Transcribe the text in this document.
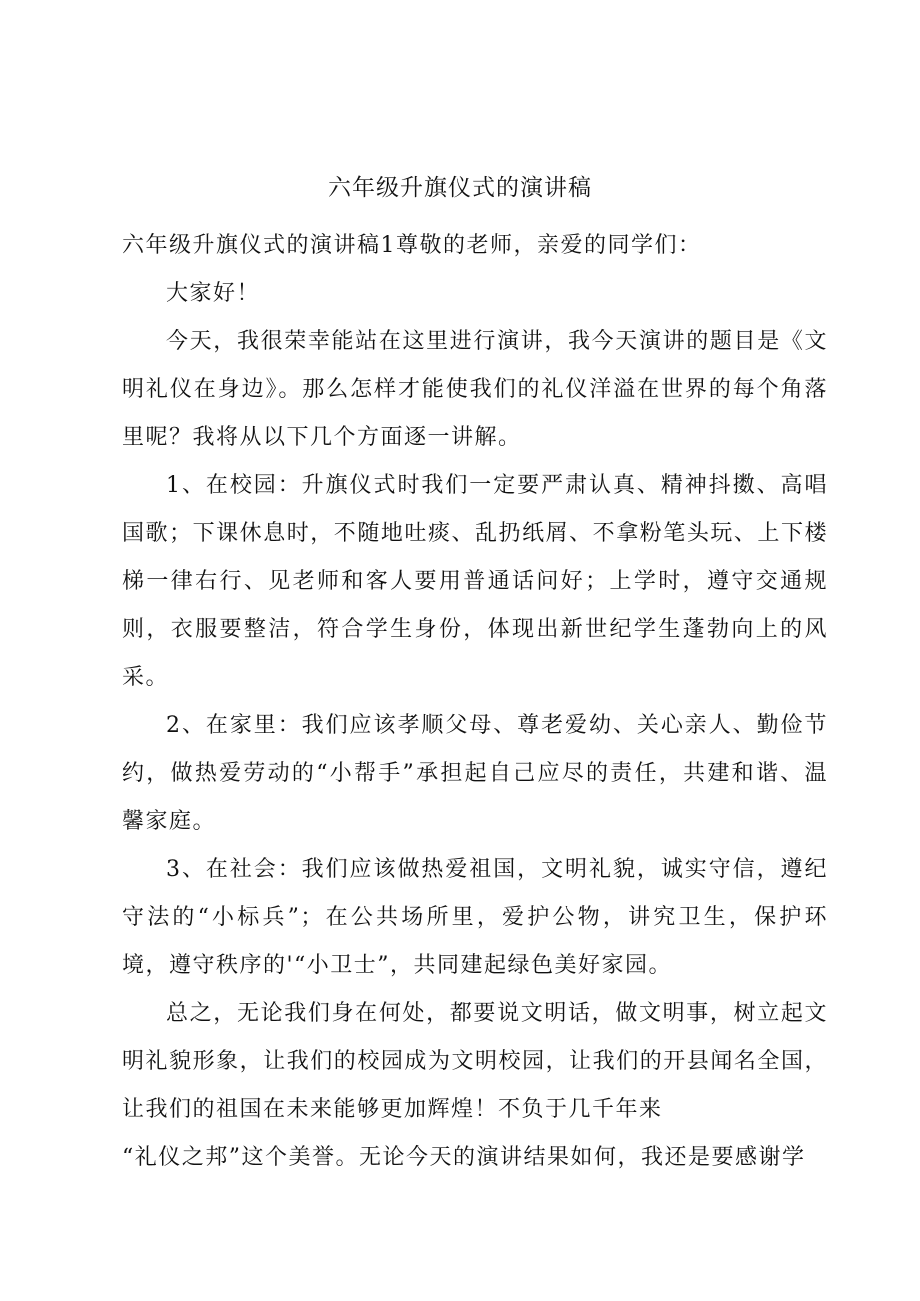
六年级升旗仪式的演讲稿

六年级升旗仪式的演讲稿1尊敬的老师，亲爱的同学们：

大家好！

今天，我很荣幸能站在这里进行演讲，我今天演讲的题目是《文明礼仪在身边》。那么怎样才能使我们的礼仪洋溢在世界的每个角落里呢？我将从以下几个方面逐一讲解。

1、在校园：升旗仪式时我们一定要严肃认真、精神抖擞、高唱国歌；下课休息时，不随地吐痰、乱扔纸屑、不拿粉笔头玩、上下楼梯一律右行、见老师和客人要用普通话问好；上学时，遵守交通规则，衣服要整洁，符合学生身份，体现出新世纪学生蓬勃向上的风采。

2、在家里：我们应该孝顺父母、尊老爱幼、关心亲人、勤俭节约，做热爱劳动的“小帮手”承担起自己应尽的责任，共建和谐、温馨家庭。

3、在社会：我们应该做热爱祖国，文明礼貌，诚实守信，遵纪守法的“小标兵”；在公共场所里，爱护公物，讲究卫生，保护环境，遵守秩序的'“小卫士”，共同建起绿色美好家园。

总之，无论我们身在何处，都要说文明话，做文明事，树立起文明礼貌形象，让我们的校园成为文明校园，让我们的开县闻名全国，让我们的祖国在未来能够更加辉煌！不负于几千年来

“礼仪之邦”这个美誉。无论今天的演讲结果如何，我还是要感谢学
